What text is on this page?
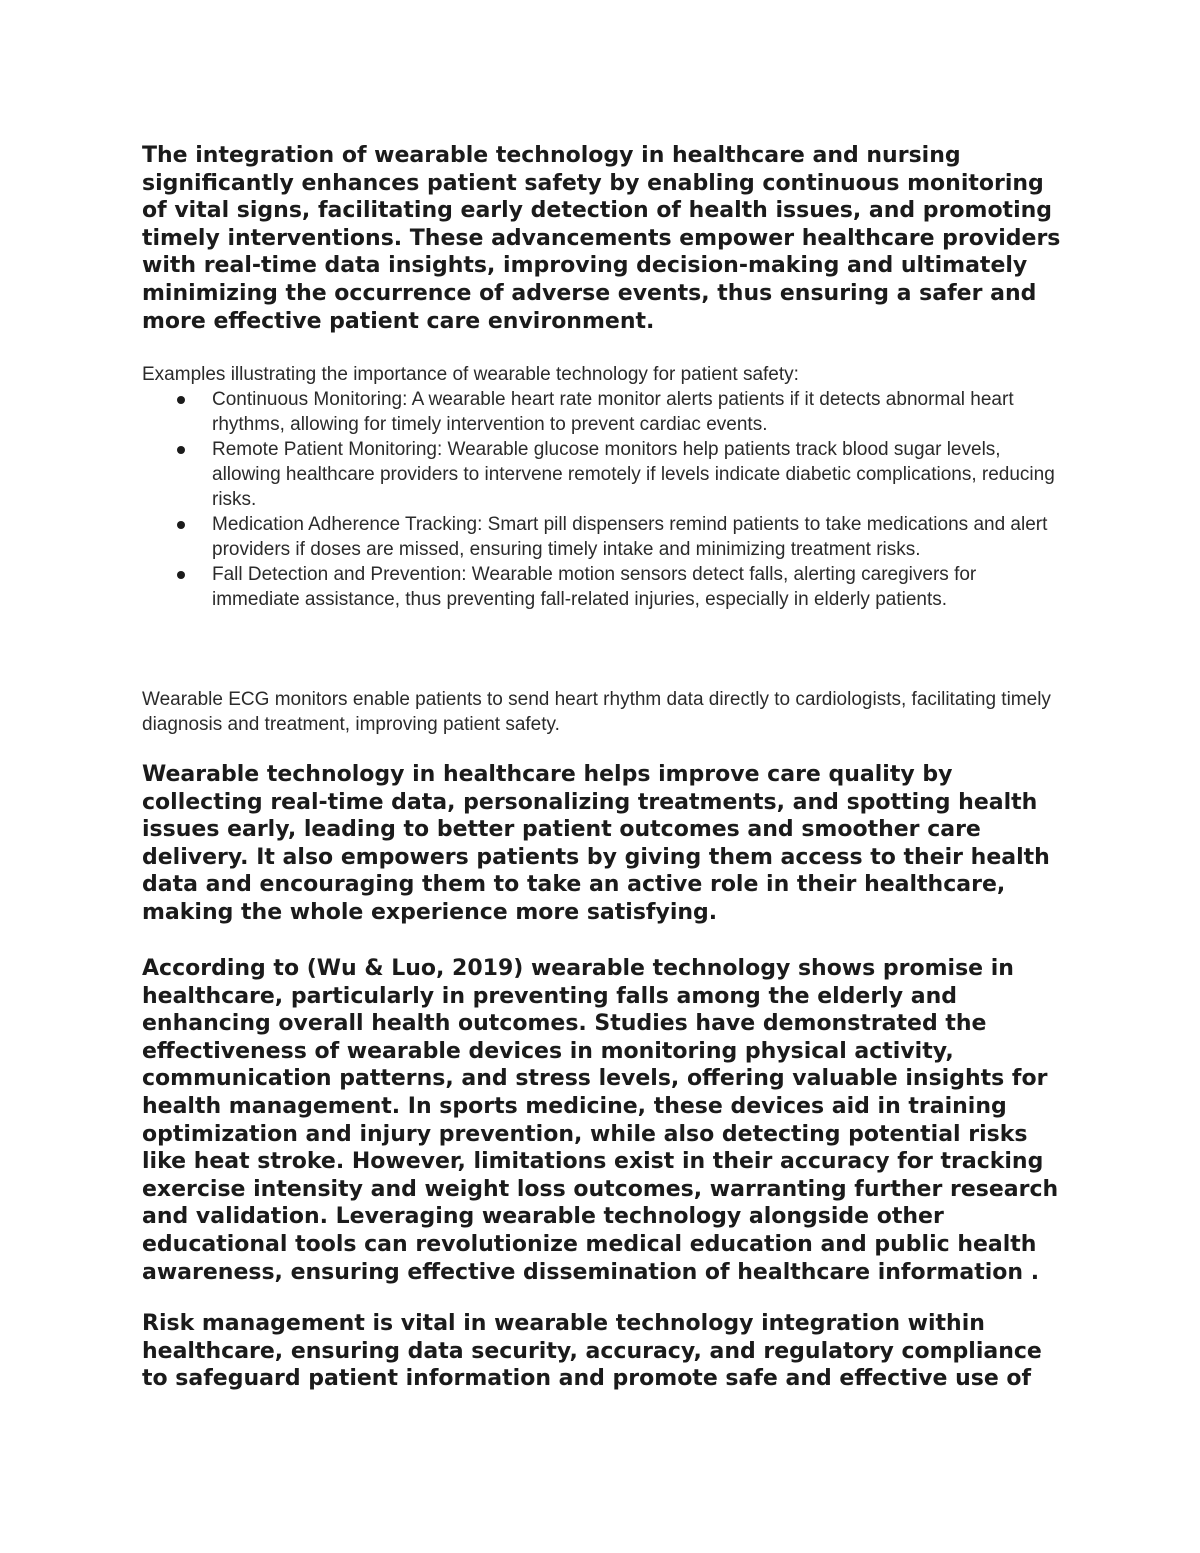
The integration of wearable technology in healthcare and nursing significantly enhances patient safety by enabling continuous monitoring of vital signs, facilitating early detection of health issues, and promoting timely interventions. These advancements empower healthcare providers with real-time data insights, improving decision-making and ultimately minimizing the occurrence of adverse events, thus ensuring a safer and more effective patient care environment.

Examples illustrating the importance of wearable technology for patient safety:

Continuous Monitoring: A wearable heart rate monitor alerts patients if it detects abnormal heart rhythms, allowing for timely intervention to prevent cardiac events.
Remote Patient Monitoring: Wearable glucose monitors help patients track blood sugar levels, allowing healthcare providers to intervene remotely if levels indicate diabetic complications, reducing risks.
Medication Adherence Tracking: Smart pill dispensers remind patients to take medications and alert providers if doses are missed, ensuring timely intake and minimizing treatment risks.
Fall Detection and Prevention: Wearable motion sensors detect falls, alerting caregivers for immediate assistance, thus preventing fall-related injuries, especially in elderly patients.

Wearable ECG monitors enable patients to send heart rhythm data directly to cardiologists, facilitating timely diagnosis and treatment, improving patient safety.

Wearable technology in healthcare helps improve care quality by collecting real-time data, personalizing treatments, and spotting health issues early, leading to better patient outcomes and smoother care delivery. It also empowers patients by giving them access to their health data and encouraging them to take an active role in their healthcare, making the whole experience more satisfying.

According to (Wu & Luo, 2019) wearable technology shows promise in healthcare, particularly in preventing falls among the elderly and enhancing overall health outcomes. Studies have demonstrated the effectiveness of wearable devices in monitoring physical activity, communication patterns, and stress levels, offering valuable insights for health management. In sports medicine, these devices aid in training optimization and injury prevention, while also detecting potential risks like heat stroke. However, limitations exist in their accuracy for tracking exercise intensity and weight loss outcomes, warranting further research and validation. Leveraging wearable technology alongside other educational tools can revolutionize medical education and public health awareness, ensuring effective dissemination of healthcare information .

Risk management is vital in wearable technology integration within healthcare, ensuring data security, accuracy, and regulatory compliance to safeguard patient information and promote safe and effective use of
